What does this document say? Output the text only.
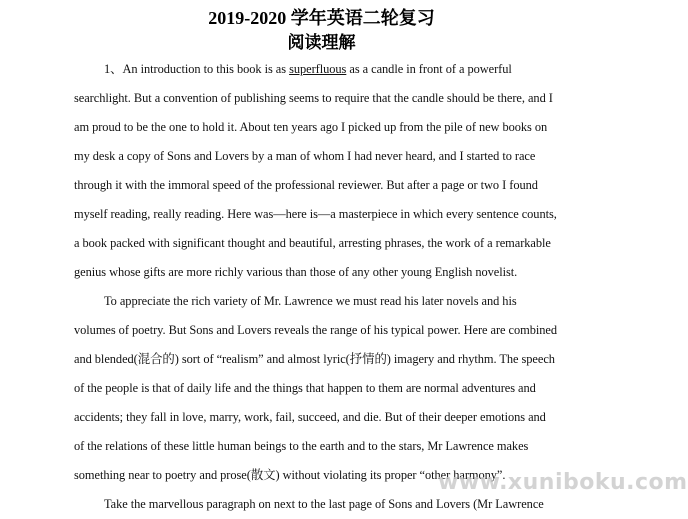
2019-2020 学年英语二轮复习
阅读理解
1、An introduction to this book is as superfluous as a candle in front of a powerful
searchlight. But a convention of publishing seems to require that the candle should be there, and I
am proud to be the one to hold it. About ten years ago I picked up from the pile of new books on
my desk a copy of Sons and Lovers by a man of whom I had never heard, and I started to race
through it with the immoral speed of the professional reviewer. But after a page or two I found
myself reading, really reading. Here was—here is—a masterpiece in which every sentence counts,
a book packed with significant thought and beautiful, arresting phrases, the work of a remarkable
genius whose gifts are more richly various than those of any other young English novelist.
To appreciate the rich variety of Mr. Lawrence we must read his later novels and his
volumes of poetry. But Sons and Lovers reveals the range of his typical power. Here are combined
and blended(混合的) sort of “realism” and almost lyric(抒情的) imagery and rhythm. The speech
of the people is that of daily life and the things that happen to them are normal adventures and
accidents; they fall in love, marry, work, fail, succeed, and die. But of their deeper emotions and
of the relations of these little human beings to the earth and to the stars, Mr Lawrence makes
something near to poetry and prose(散文) without violating its proper “other harmony”.
Take the marvellous paragraph on next to the last page of Sons and Lovers (Mr Lawrence
www.xuniboku.com
